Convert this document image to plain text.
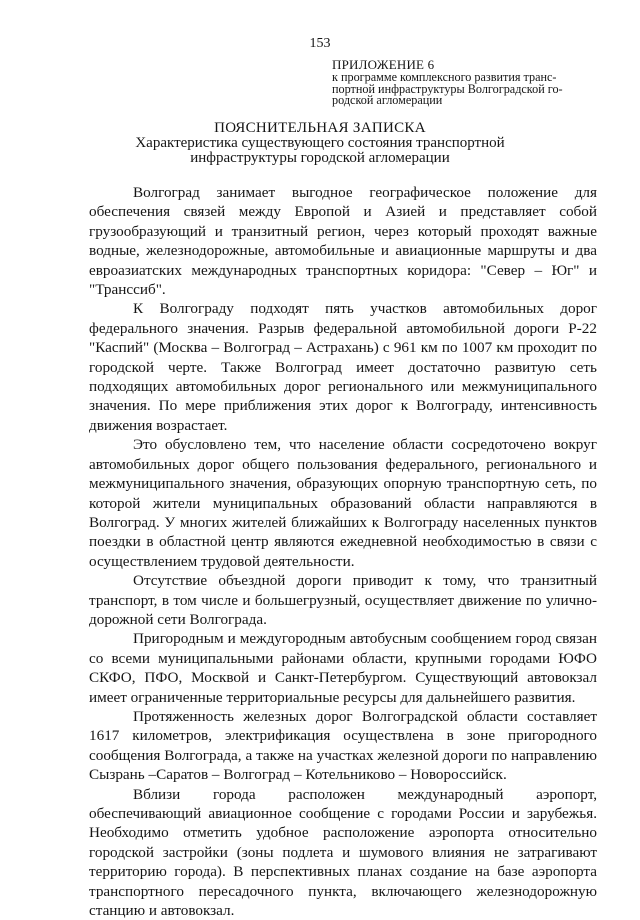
153
ПРИЛОЖЕНИЕ 6
к программе комплексного развития транс-
портной инфраструктуры Волгоградской го-
родской агломерации
ПОЯСНИТЕЛЬНАЯ ЗАПИСКА
Характеристика существующего состояния транспортной инфраструктуры городской агломерации

Волгоград занимает выгодное географическое положение для обеспечения связей между Европой и Азией и представляет собой грузообразующий и транзитный регион, через который проходят важные водные, железнодорожные, автомобильные и авиационные маршруты и два евроазиатских международных транспортных коридора: "Север – Юг" и "Транссиб".

К Волгограду подходят пять участков автомобильных дорог федерального значения. Разрыв федеральной автомобильной дороги Р-22 "Каспий" (Москва – Волгоград – Астрахань) с 961 км по 1007 км проходит по городской черте. Также Волгоград имеет достаточно развитую сеть подходящих автомобильных дорог регионального или межмуниципального значения. По мере приближения этих дорог к Волгограду, интенсивность движения возрастает.

Это обусловлено тем, что население области сосредоточено вокруг автомобильных дорог общего пользования федерального, регионального и межмуниципального значения, образующих опорную транспортную сеть, по которой жители муниципальных образований области направляются в Волгоград. У многих жителей ближайших к Волгограду населенных пунктов поездки в областной центр являются ежедневной необходимостью в связи с осуществлением трудовой деятельности.

Отсутствие объездной дороги приводит к тому, что транзитный транспорт, в том числе и большегрузный, осуществляет движение по улично-дорожной сети Волгограда.

Пригородным и междугородным автобусным сообщением город связан со всеми муниципальными районами области, крупными городами ЮФО СКФО, ПФО, Москвой и Санкт-Петербургом. Существующий автовокзал имеет ограниченные территориальные ресурсы для дальнейшего развития.

Протяженность железных дорог Волгоградской области составляет 1617 километров, электрификация осуществлена в зоне пригородного сообщения Волгограда, а также на участках железной дороги по направлению Сызрань –Саратов – Волгоград – Котельниково – Новороссийск.

Вблизи города расположен международный аэропорт, обеспечивающий авиационное сообщение с городами России и зарубежья. Необходимо отметить удобное расположение аэропорта относительно городской застройки (зоны подлета и шумового влияния не затрагивают территорию города). В перспективных планах создание на базе аэропорта транспортного пересадочного пункта, включающего железнодорожную станцию и автовокзал.
